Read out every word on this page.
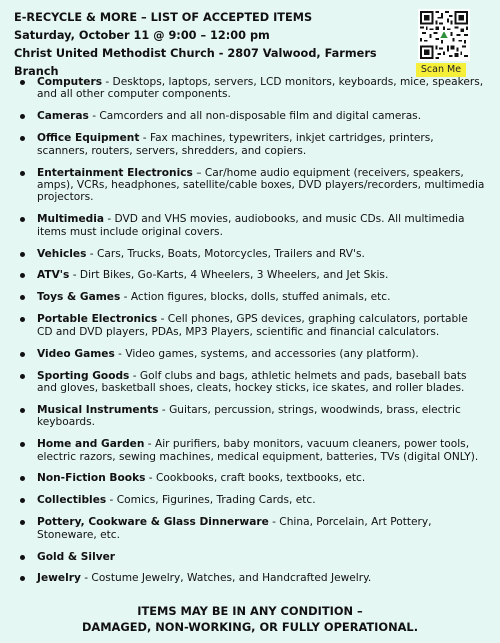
E-RECYCLE & MORE – LIST OF ACCEPTED ITEMS
Saturday, October 11 @ 9:00 – 12:00 pm
Christ United Methodist Church - 2807 Valwood, Farmers Branch	Scan Me
Computers - Desktops, laptops, servers, LCD monitors, keyboards, mice, speakers, and all other computer components.
Cameras - Camcorders and all non-disposable film and digital cameras.
Office Equipment - Fax machines, typewriters, inkjet cartridges, printers, scanners, routers, servers, shredders, and copiers.
Entertainment Electronics – Car/home audio equipment (receivers, speakers, amps), VCRs, headphones, satellite/cable boxes, DVD players/recorders, multimedia projectors.
Multimedia - DVD and VHS movies, audiobooks, and music CDs. All multimedia items must include original covers.
Vehicles - Cars, Trucks, Boats, Motorcycles, Trailers and RV's.
ATV's - Dirt Bikes, Go-Karts, 4 Wheelers, 3 Wheelers, and Jet Skis.
Toys & Games - Action figures, blocks, dolls, stuffed animals, etc.
Portable Electronics - Cell phones, GPS devices, graphing calculators, portable CD and DVD players, PDAs, MP3 Players, scientific and financial calculators.
Video Games - Video games, systems, and accessories (any platform).
Sporting Goods - Golf clubs and bags, athletic helmets and pads, baseball bats and gloves, basketball shoes, cleats, hockey sticks, ice skates, and roller blades.
Musical Instruments - Guitars, percussion, strings, woodwinds, brass, electric keyboards.
Home and Garden - Air purifiers, baby monitors, vacuum cleaners, power tools, electric razors, sewing machines, medical equipment, batteries, TVs (digital ONLY).
Non-Fiction Books - Cookbooks, craft books, textbooks, etc.
Collectibles - Comics, Figurines, Trading Cards, etc.
Pottery, Cookware & Glass Dinnerware - China, Porcelain, Art Pottery, Stoneware, etc.
Gold & Silver
Jewelry - Costume Jewelry, Watches, and Handcrafted Jewelry.
ITEMS MAY BE IN ANY CONDITION –
DAMAGED, NON-WORKING, OR FULLY OPERATIONAL.
